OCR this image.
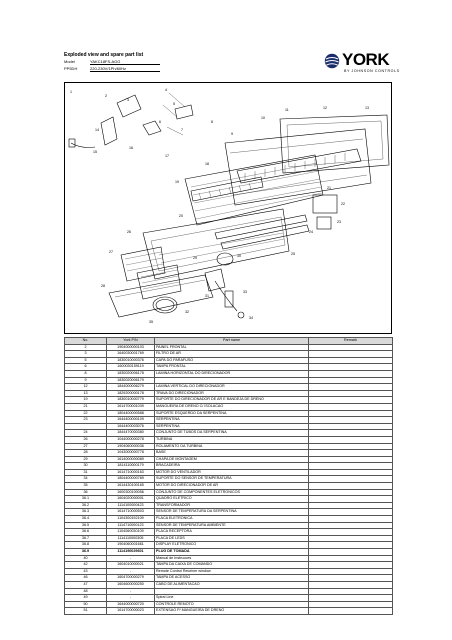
Exploded view and spare part list
Model	YAKC18FS-AGG
PP5DH	220-230V/1Ph/60Hz	YORK
BY JOHNSON CONTROLS
1
2
3
4
5
6
7
8
9
10
11	12	13
14
15
16
17
18
19
20
21
22
23
24
25
26
27
28
29	30
31
32
33
34
35
No.	York P/N	Part name	Remark
2	1904000000103	PAINEL FRONTAL	
3	1640030001769	FILTRO DE AR	
5	1830010000376	CAPA DO PARAFUSO	
6	1600030159119	TAMPA FRONTAL	
8	1830020006178	LAMINA HORIZONTAL DO DIRECIONADOR	
9	1830020006179		
12	1844000006279	LAMINA VERTICAL DO DIRECIONADOR	
13	1829200000178	TRAVA DO DIRECIONADOR	
19	1830010000779	SUPORTE DO DIRECIONADOR DE AR E BANDEJA DE DRENO	
21	1614700001039	MANGUEIRA DE DRENO C/ ISOLACAO	
22	1804400000588	SUPORTE ESQUERDO DA SERPENTINA	
23	1644400000109	SERPENTINA	
	1644400003076	SERPENTINA	
24	1844470000380	CONJUNTO DE TUBOS DA SERPENTINA	
26	1044000000278	TURBINA	
27	1904060000036	ROLAMENTO DA TURBINA	
28	1043000000778	BASE	
29	1614000000089	CHAPA DE MONTAGEM	
30	1814110000179	BRACADEIRA	
31	1614710000163	MOTOR DO VENTILADOR	
34	1804400000789	SUPORTE DO SENSOR DE TEMPERATURA	
35	1614430100165	MOTOR DO DIRECIONADOR DE AR	
36	1600300100056	CONJUNTO DE COMPONENTES ELETRONICOS	
36.1	1604020000001	QUADRO ELETRICO	
36.2	1114100000423	TRANSFORMADOR	
36.3	1614710000503	SENSOR DE TEMPERATURA DA SERPENTINA	
36.4	1104300192109	PLACA ELETRONICA	
36.5	1114710000123	SENSOR DE TEMPERATURA AMBIENTE	
36.6	1104060030109	PLACA RECEPTORA	
36.7	1114110000305	PLACA DE LEDS	
36.8	1904060001661	DISPLAY ELETRONICO	
36.9	1114190029601	PLUG DE TOMADA	
40	-	Manual de Instrucoes	
42	1604010000021	TAMPA DA CAIXA DE COMANDO	
43	-	Remote Control Receiver window	
46	1604700000279	TAMPA DE ACESSO	
47	1604600000250	CABO DE ALIMENTACAO	
48	-		
49	-	Spiral Line	
50	1644000000720	CONTROLE REMOTO	
51	1614700000023	EXTENSAO P/ MANGUEIRA DE DRENO	
